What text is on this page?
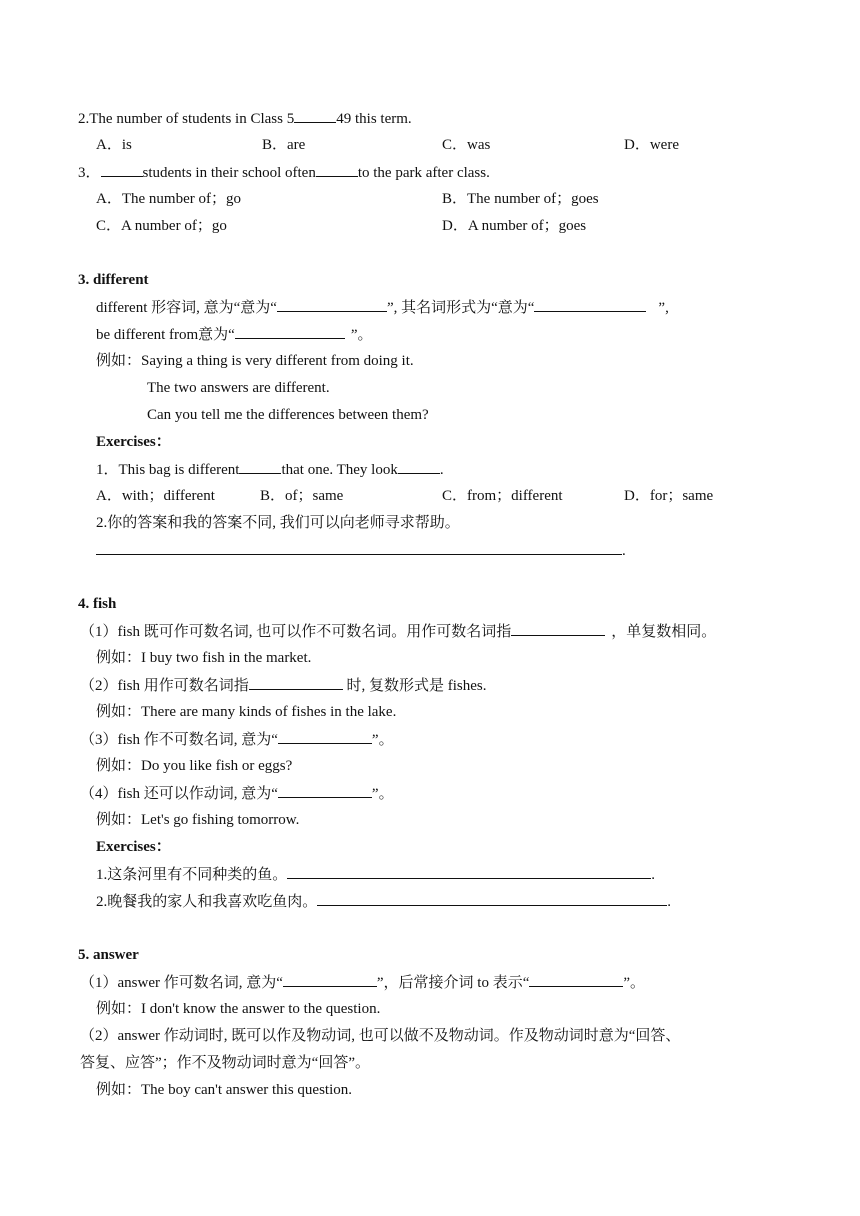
2.The number of students in Class 5	49 this term.
A．is	B．are	C．was	D．were
3．	students in their school often	to the park after class.
A．The number of；go	B．The number of；goes
C．A number of；go	D．A number of；goes
3. different
different 形容词, 意为“意为“	”, 其名词形式为“意为“	”,
be different from意为“	”。
例如：Saying a thing is very different from doing it.
The two answers are different.
Can you tell me the differences between them?
Exercises：
1．This bag is different	that one. They look	.
A．with；different	B．of；same	C．from；different	D．for；same
2.你的答案和我的答案不同, 我们可以向老师寻求帮助。
.
4. fish
（1）fish 既可作可数名词, 也可以作不可数名词。用作可数名词指	，单复数相同。
例如：I buy two fish in the market.
（2）fish 用作可数名词指	时, 复数形式是 fishes.
例如：There are many kinds of fishes in the lake.
（3）fish 作不可数名词, 意为“	”。
例如：Do you like fish or eggs?
（4）fish 还可以作动词, 意为“	”。
例如：Let's go fishing tomorrow.
Exercises：
1.这条河里有不同种类的鱼。	.
2.晚餐我的家人和我喜欢吃鱼肉。	.
5. answer
（1）answer 作可数名词, 意为“	”，后常接介词 to 表示“	”。
例如：I don't know the answer to the question.
（2）answer 作动词时, 既可以作及物动词, 也可以做不及物动词。作及物动词时意为“回答、
答复、应答”；作不及物动词时意为“回答”。
例如：The boy can't answer this question.
